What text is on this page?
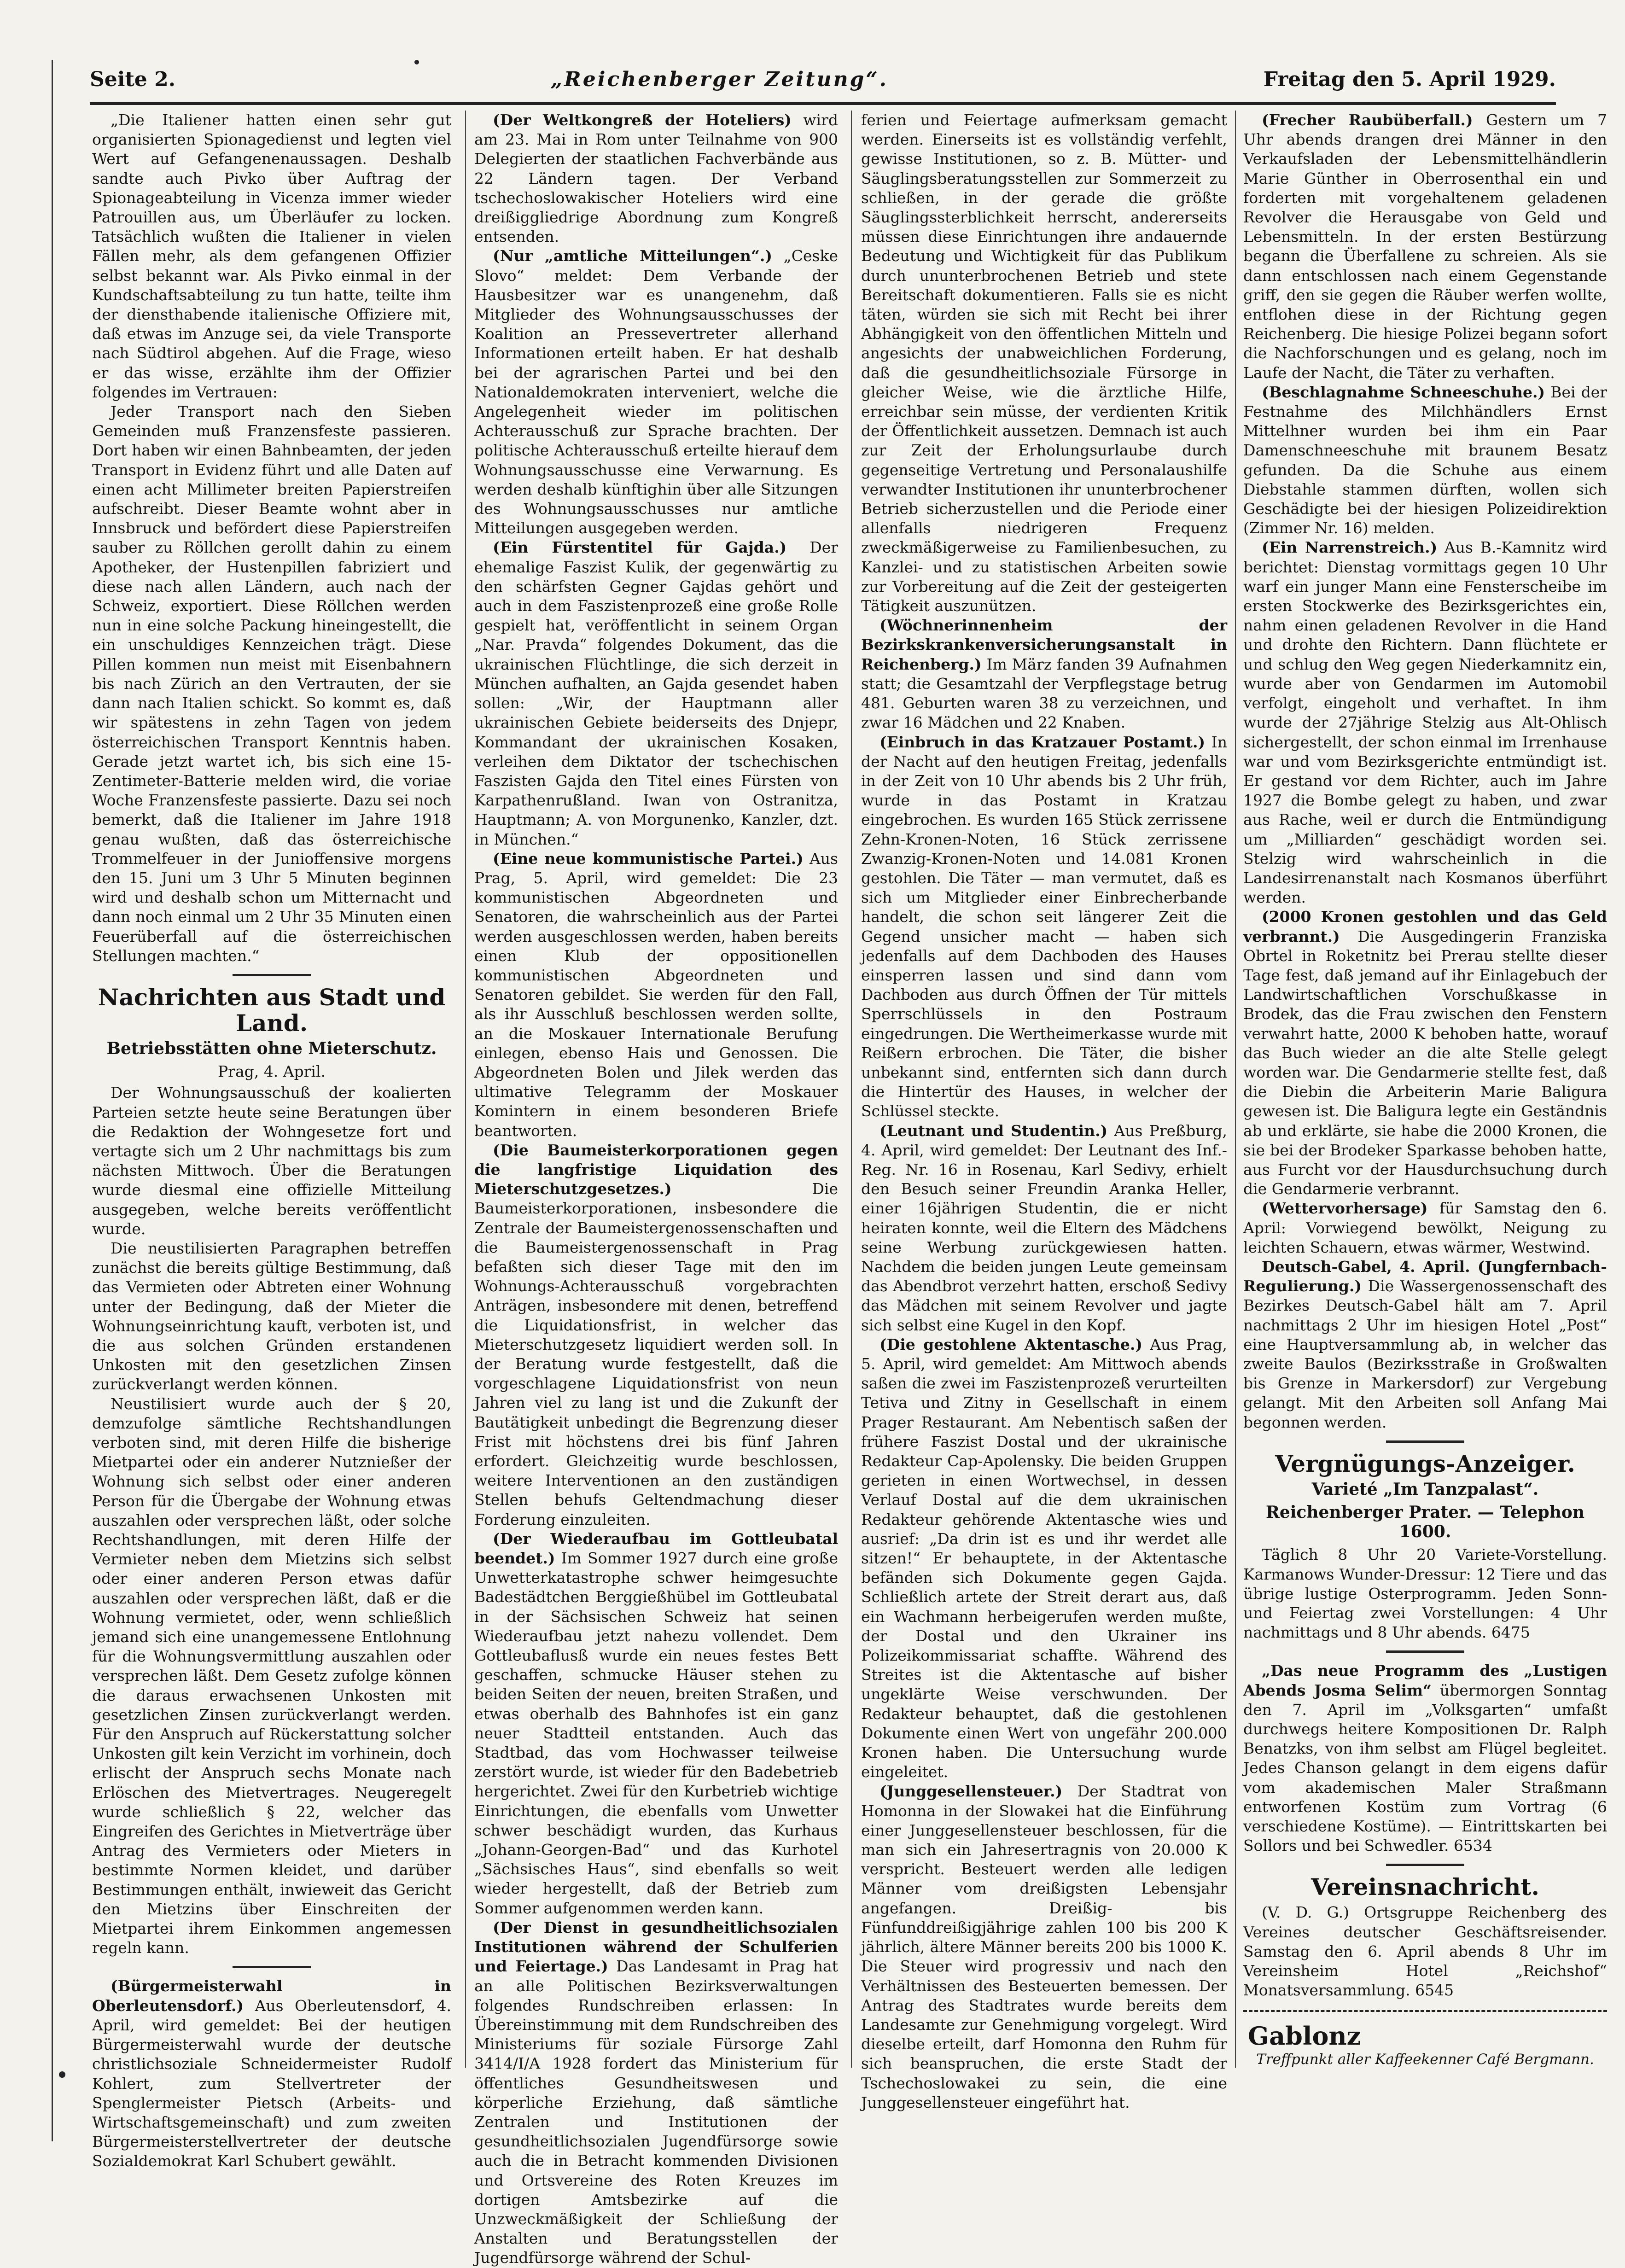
Seite 2.	„Reichenberger Zeitung“.	Freitag den 5. April 1929.

„Die Italiener hatten einen sehr gut organisierten Spionagedienst und legten viel Wert auf Gefangenenaussagen. Deshalb sandte auch Pivko über Auftrag der Spionageabteilung in Vicenza immer wieder Patrouillen aus, um Überläufer zu locken. Tatsächlich wußten die Italiener in vielen Fällen mehr, als dem gefangenen Offizier selbst bekannt war. Als Pivko einmal in der Kundschaftsabteilung zu tun hatte, teilte ihm der diensthabende italienische Offiziere mit, daß etwas im Anzuge sei, da viele Transporte nach Südtirol abgehen. Auf die Frage, wieso er das wisse, erzählte ihm der Offizier folgendes im Vertrauen:

Jeder Transport nach den Sieben Gemeinden muß Franzensfeste passieren. Dort haben wir einen Bahnbeamten, der jeden Transport in Evidenz führt und alle Daten auf einen acht Millimeter breiten Papierstreifen aufschreibt. Dieser Beamte wohnt aber in Innsbruck und befördert diese Papierstreifen sauber zu Röllchen gerollt dahin zu einem Apotheker, der Hustenpillen fabriziert und diese nach allen Ländern, auch nach der Schweiz, exportiert. Diese Röllchen werden nun in eine solche Packung hineingestellt, die ein unschuldiges Kennzeichen trägt. Diese Pillen kommen nun meist mit Eisenbahnern bis nach Zürich an den Vertrauten, der sie dann nach Italien schickt. So kommt es, daß wir spätestens in zehn Tagen von jedem österreichischen Transport Kenntnis haben. Gerade jetzt wartet ich, bis sich eine 15-Zentimeter-Batterie melden wird, die voriae Woche Franzensfeste passierte. Dazu sei noch bemerkt, daß die Italiener im Jahre 1918 genau wußten, daß das österreichische Trommelfeuer in der Junioffensive morgens den 15. Juni um 3 Uhr 5 Minuten beginnen wird und deshalb schon um Mitternacht und dann noch einmal um 2 Uhr 35 Minuten einen Feuerüberfall auf die österreichischen Stellungen machten.“

Nachrichten aus Stadt und Land.
Betriebsstätten ohne Mieterschutz.
Prag, 4. April.

Der Wohnungsausschuß der koalierten Parteien setzte heute seine Beratungen über die Redaktion der Wohngesetze fort und vertagte sich um 2 Uhr nachmittags bis zum nächsten Mittwoch. Über die Beratungen wurde diesmal eine offizielle Mitteilung ausgegeben, welche bereits veröffentlicht wurde.

Die neustilisierten Paragraphen betreffen zunächst die bereits gültige Bestimmung, daß das Vermieten oder Abtreten einer Wohnung unter der Bedingung, daß der Mieter die Wohnungseinrichtung kauft, verboten ist, und die aus solchen Gründen erstandenen Unkosten mit den gesetzlichen Zinsen zurückverlangt werden können.

Neustilisiert wurde auch der § 20, demzufolge sämtliche Rechtshandlungen verboten sind, mit deren Hilfe die bisherige Mietpartei oder ein anderer Nutznießer der Wohnung sich selbst oder einer anderen Person für die Übergabe der Wohnung etwas auszahlen oder versprechen läßt, oder solche Rechtshandlungen, mit deren Hilfe der Vermieter neben dem Mietzins sich selbst oder einer anderen Person etwas dafür auszahlen oder versprechen läßt, daß er die Wohnung vermietet, oder, wenn schließlich jemand sich eine unangemessene Entlohnung für die Wohnungsvermittlung auszahlen oder versprechen läßt. Dem Gesetz zufolge können die daraus erwachsenen Unkosten mit gesetzlichen Zinsen zurückverlangt werden. Für den Anspruch auf Rückerstattung solcher Unkosten gilt kein Verzicht im vorhinein, doch erlischt der Anspruch sechs Monate nach Erlöschen des Mietvertrages. Neugeregelt wurde schließlich § 22, welcher das Eingreifen des Gerichtes in Mietverträge über Antrag des Vermieters oder Mieters in bestimmte Normen kleidet, und darüber Bestimmungen enthält, inwieweit das Gericht den Mietzins über Einschreiten der Mietpartei ihrem Einkommen angemessen regeln kann.

(Bürgermeisterwahl in Oberleutensdorf.) Aus Oberleutensdorf, 4. April, wird gemeldet: Bei der heutigen Bürgermeisterwahl wurde der deutsche christlichsoziale Schneidermeister Rudolf Kohlert, zum Stellvertreter der Spenglermeister Pietsch (Arbeits- und Wirtschaftsgemeinschaft) und zum zweiten Bürgermeisterstellvertreter der deutsche Sozialdemokrat Karl Schubert gewählt.

(Der Weltkongreß der Hoteliers) wird am 23. Mai in Rom unter Teilnahme von 900 Delegierten der staatlichen Fachverbände aus 22 Ländern tagen. Der Verband tschechoslowakischer Hoteliers wird eine dreißiggliedrige Abordnung zum Kongreß entsenden.

(Nur „amtliche Mitteilungen“.) „Ceske Slovo“ meldet: Dem Verbande der Hausbesitzer war es unangenehm, daß Mitglieder des Wohnungsausschusses der Koalition an Pressevertreter allerhand Informationen erteilt haben. Er hat deshalb bei der agrarischen Partei und bei den Nationaldemokraten interveniert, welche die Angelegenheit wieder im politischen Achterausschuß zur Sprache brachten. Der politische Achterausschuß erteilte hierauf dem Wohnungsausschusse eine Verwarnung. Es werden deshalb künftighin über alle Sitzungen des Wohnungsausschusses nur amtliche Mitteilungen ausgegeben werden.

(Ein Fürstentitel für Gajda.) Der ehemalige Faszist Kulik, der gegenwärtig zu den schärfsten Gegner Gajdas gehört und auch in dem Faszistenprozeß eine große Rolle gespielt hat, veröffentlicht in seinem Organ „Nar. Pravda“ folgendes Dokument, das die ukrainischen Flüchtlinge, die sich derzeit in München aufhalten, an Gajda gesendet haben sollen: „Wir, der Hauptmann aller ukrainischen Gebiete beiderseits des Dnjepr, Kommandant der ukrainischen Kosaken, verleihen dem Diktator der tschechischen Faszisten Gajda den Titel eines Fürsten von Karpathenrußland. Iwan von Ostranitza, Hauptmann; A. von Morgunenko, Kanzler, dzt. in München.“

(Eine neue kommunistische Partei.) Aus Prag, 5. April, wird gemeldet: Die 23 kommunistischen Abgeordneten und Senatoren, die wahrscheinlich aus der Partei werden ausgeschlossen werden, haben bereits einen Klub der oppositionellen kommunistischen Abgeordneten und Senatoren gebildet. Sie werden für den Fall, als ihr Ausschluß beschlossen werden sollte, an die Moskauer Internationale Berufung einlegen, ebenso Hais und Genossen. Die Abgeordneten Bolen und Jilek werden das ultimative Telegramm der Moskauer Komintern in einem besonderen Briefe beantworten.

(Die Baumeisterkorporationen gegen die langfristige Liquidation des Mieterschutzgesetzes.)	Die Baumeisterkorporationen, insbesondere die Zentrale der Baumeistergenossenschaften und die Baumeistergenossenschaft in Prag befaßten sich dieser Tage mit den im Wohnungs-Achterausschuß vorgebrachten Anträgen, insbesondere mit denen, betreffend die Liquidationsfrist, in welcher das Mieterschutzgesetz liquidiert werden soll. In der Beratung wurde festgestellt, daß die vorgeschlagene Liquidationsfrist von neun Jahren viel zu lang ist und die Zukunft der Bautätigkeit unbedingt die Begrenzung dieser Frist mit höchstens drei bis fünf Jahren erfordert. Gleichzeitig wurde beschlossen, weitere Interventionen an den zuständigen Stellen behufs Geltendmachung dieser Forderung einzuleiten.

(Der Wiederaufbau im Gottleubatal beendet.) Im Sommer 1927 durch eine große Unwetterkatastrophe schwer heimgesuchte Badestädtchen Berggießhübel im Gottleubatal in der Sächsischen Schweiz hat seinen Wiederaufbau jetzt nahezu vollendet. Dem Gottleubaflusß wurde ein neues festes Bett geschaffen, schmucke Häuser stehen zu beiden Seiten der neuen, breiten Straßen, und etwas oberhalb des Bahnhofes ist ein ganz neuer Stadtteil entstanden. Auch das Stadtbad, das vom Hochwasser teilweise zerstört wurde, ist wieder für den Badebetrieb hergerichtet. Zwei für den Kurbetrieb wichtige Einrichtungen, die ebenfalls vom Unwetter schwer beschädigt wurden, das Kurhaus „Johann-Georgen-Bad“ und das Kurhotel „Sächsisches Haus“, sind ebenfalls so weit wieder hergestellt, daß der Betrieb zum Sommer aufgenommen werden kann.

(Der Dienst in gesundheitlichsozialen Institutionen während der Schulferien und Feiertage.) Das Landesamt in Prag hat an alle Politischen Bezirksverwaltungen folgendes Rundschreiben erlassen: In Übereinstimmung mit dem Rundschreiben des Ministeriums für soziale Fürsorge Zahl 3414/I/A 1928 fordert das Ministerium für öffentliches Gesundheitswesen und körperliche Erziehung, daß sämtliche Zentralen und Institutionen der gesundheitlichsozialen Jugendfürsorge sowie auch die in Betracht kommenden Divisionen und Ortsvereine des Roten Kreuzes im dortigen Amtsbezirke auf die Unzweckmäßigkeit der Schließung der Anstalten und Beratungsstellen der Jugendfürsorge während der Schul-

ferien und Feiertage aufmerksam gemacht werden. Einerseits ist es vollständig verfehlt, gewisse Institutionen, so z. B. Mütter- und Säuglingsberatungsstellen zur Sommerzeit zu schließen, in der gerade die größte Säuglingssterblichkeit herrscht, andererseits müssen diese Einrichtungen ihre andauernde Bedeutung und Wichtigkeit für das Publikum durch ununterbrochenen Betrieb und stete Bereitschaft dokumentieren. Falls sie es nicht täten, würden sie sich mit Recht bei ihrer Abhängigkeit von den öffentlichen Mitteln und angesichts der unabweichlichen Forderung, daß die gesundheitlichsoziale Fürsorge in gleicher Weise, wie die ärztliche Hilfe, erreichbar sein müsse, der verdienten Kritik der Öffentlichkeit aussetzen. Demnach ist auch zur Zeit der Erholungsurlaube durch gegenseitige Vertretung und Personalaushilfe verwandter Institutionen ihr ununterbrochener Betrieb sicherzustellen und die Periode einer allenfalls niedrigeren Frequenz zweckmäßigerweise zu Familienbesuchen, zu Kanzlei- und zu statistischen Arbeiten sowie zur Vorbereitung auf die Zeit der gesteigerten Tätigkeit auszunützen.

(Wöchnerinnenheim der Bezirkskrankenversicherungsanstalt in Reichenberg.) Im März fanden 39 Aufnahmen statt; die Gesamtzahl der Verpflegstage betrug 481. Geburten waren 38 zu verzeichnen, und zwar 16 Mädchen und 22 Knaben.

(Einbruch in das Kratzauer Postamt.) In der Nacht auf den heutigen Freitag, jedenfalls in der Zeit von 10 Uhr abends bis 2 Uhr früh, wurde in das Postamt in Kratzau eingebrochen. Es wurden 165 Stück zerrissene Zehn-Kronen-Noten, 16 Stück zerrissene Zwanzig-Kronen-Noten und 14.081 Kronen gestohlen. Die Täter — man vermutet, daß es sich um Mitglieder einer Einbrecherbande handelt, die schon seit längerer Zeit die Gegend unsicher macht — haben sich jedenfalls auf dem Dachboden des Hauses einsperren lassen und sind dann vom Dachboden aus durch Öffnen der Tür mittels Sperrschlüssels in den Postraum eingedrungen. Die Wertheimerkasse wurde mit Reißern erbrochen. Die Täter, die bisher unbekannt sind, entfernten sich dann durch die Hintertür des Hauses, in welcher der Schlüssel steckte.

(Leutnant und Studentin.) Aus Preßburg, 4. April, wird gemeldet: Der Leutnant des Inf.-Reg. Nr. 16 in Rosenau, Karl Sedivy, erhielt den Besuch seiner Freundin Aranka Heller, einer 16jährigen Studentin, die er nicht heiraten konnte, weil die Eltern des Mädchens seine Werbung zurückgewiesen hatten. Nachdem die beiden jungen Leute gemeinsam das Abendbrot verzehrt hatten, erschoß Sedivy das Mädchen mit seinem Revolver und jagte sich selbst eine Kugel in den Kopf.

(Die gestohlene Aktentasche.) Aus Prag, 5. April, wird gemeldet: Am Mittwoch abends saßen die zwei im Faszistenprozeß verurteilten Tetiva und Zitny in Gesellschaft in einem Prager Restaurant. Am Nebentisch saßen der frühere Faszist Dostal und der ukrainische Redakteur Cap-Apolensky. Die beiden Gruppen gerieten in einen Wortwechsel, in dessen Verlauf Dostal auf die dem ukrainischen Redakteur gehörende Aktentasche wies und ausrief: „Da drin ist es und ihr werdet alle sitzen!“ Er behauptete, in der Aktentasche befänden sich Dokumente gegen Gajda. Schließlich artete der Streit derart aus, daß ein Wachmann herbeigerufen werden mußte, der Dostal und den Ukrainer ins Polizeikommissariat schaffte. Während des Streites ist die Aktentasche auf bisher ungeklärte Weise verschwunden. Der Redakteur behauptet, daß die gestohlenen Dokumente einen Wert von ungefähr 200.000 Kronen haben. Die Untersuchung wurde eingeleitet.

(Junggesellensteuer.) Der Stadtrat von Homonna in der Slowakei hat die Einführung einer Junggesellensteuer beschlossen, für die man sich ein Jahresertragnis von 20.000 K verspricht. Besteuert werden alle ledigen Männer vom dreißigsten Lebensjahr angefangen. Dreißig- bis Fünfunddreißigjährige zahlen 100 bis 200 K jährlich, ältere Männer bereits 200 bis 1000 K. Die Steuer wird progressiv und nach den Verhältnissen des Besteuerten bemessen. Der Antrag des Stadtrates wurde bereits dem Landesamte zur Genehmigung vorgelegt. Wird dieselbe erteilt, darf Homonna den Ruhm für sich beanspruchen, die erste Stadt der Tschechoslowakei zu sein, die eine Junggesellensteuer eingeführt hat.

(Frecher Raubüberfall.) Gestern um 7 Uhr abends drangen drei Männer in den Verkaufsladen der Lebensmittelhändlerin Marie Günther in Oberrosenthal ein und forderten mit vorgehaltenem geladenen Revolver die Herausgabe von Geld und Lebensmitteln. In der ersten Bestürzung begann die Überfallene zu schreien. Als sie dann entschlossen nach einem Gegenstande griff, den sie gegen die Räuber werfen wollte, entflohen diese in der Richtung gegen Reichenberg. Die hiesige Polizei begann sofort die Nachforschungen und es gelang, noch im Laufe der Nacht, die Täter zu verhaften.

(Beschlagnahme Schneeschuhe.) Bei der Festnahme des Milchhändlers Ernst Mittelhner wurden bei ihm ein Paar Damenschneeschuhe mit braunem Besatz gefunden. Da die Schuhe aus einem Diebstahle stammen dürften, wollen sich Geschädigte bei der hiesigen Polizeidirektion (Zimmer Nr. 16) melden.

(Ein Narrenstreich.) Aus B.-Kamnitz wird berichtet: Dienstag vormittags gegen 10 Uhr warf ein junger Mann eine Fensterscheibe im ersten Stockwerke des Bezirksgerichtes ein, nahm einen geladenen Revolver in die Hand und drohte den Richtern. Dann flüchtete er und schlug den Weg gegen Niederkamnitz ein, wurde aber von Gendarmen im Automobil verfolgt, eingeholt und verhaftet. In ihm wurde der 27jährige Stelzig aus Alt-Ohlisch sichergestellt, der schon einmal im Irrenhause war und vom Bezirksgerichte entmündigt ist. Er gestand vor dem Richter, auch im Jahre 1927 die Bombe gelegt zu haben, und zwar aus Rache, weil er durch die Entmündigung um „Milliarden“ geschädigt worden sei. Stelzig wird wahrscheinlich in die Landesirrenanstalt nach Kosmanos überführt werden.

(2000 Kronen gestohlen und das Geld verbrannt.) Die Ausgedingerin Franziska Obrtel in Roketnitz bei Prerau stellte dieser Tage fest, daß jemand auf ihr Einlagebuch der Landwirtschaftlichen Vorschußkasse in Brodek, das die Frau zwischen den Fenstern verwahrt hatte, 2000 K behoben hatte, worauf das Buch wieder an die alte Stelle gelegt worden war. Die Gendarmerie stellte fest, daß die Diebin die Arbeiterin Marie Baligura gewesen ist. Die Baligura legte ein Geständnis ab und erklärte, sie habe die 2000 Kronen, die sie bei der Brodeker Sparkasse behoben hatte, aus Furcht vor der Hausdurchsuchung durch die Gendarmerie verbrannt.

(Wettervorhersage) für Samstag den 6. April: Vorwiegend bewölkt, Neigung zu leichten Schauern, etwas wärmer, Westwind.

Deutsch-Gabel, 4. April. (Jungfernbach-Regulierung.) Die Wassergenossenschaft des Bezirkes Deutsch-Gabel hält am 7. April nachmittags 2 Uhr im hiesigen Hotel „Post“ eine Hauptversammlung ab, in welcher das zweite Baulos (Bezirksstraße in Großwalten bis Grenze in Markersdorf) zur Vergebung gelangt. Mit den Arbeiten soll Anfang Mai begonnen werden.

Vergnügungs-Anzeiger.
Varieté „Im Tanzpalast“.
Reichenberger Prater. — Telephon 1600.

Täglich 8 Uhr 20 Variete-Vorstellung. Karmanows Wunder-Dressur: 12 Tiere und das übrige lustige Osterprogramm. Jeden Sonn- und Feiertag zwei Vorstellungen: 4 Uhr nachmittags und 8 Uhr abends. 6475

„Das neue Programm des „Lustigen Abends Josma Selim“ übermorgen Sonntag den 7. April im „Volksgarten“ umfaßt durchwegs heitere Kompositionen Dr. Ralph Benatzks, von ihm selbst am Flügel begleitet. Jedes Chanson gelangt in dem eigens dafür vom akademischen Maler Straßmann entworfenen Kostüm zum Vortrag (6 verschiedene Kostüme). — Eintrittskarten bei Sollors und bei Schwedler. 6534

Vereinsnachricht.

(V. D. G.) Ortsgruppe Reichenberg des Vereines deutscher Geschäftsreisender. Samstag den 6. April abends 8 Uhr im Vereinsheim Hotel „Reichshof“ Monatsversammlung. 6545

Gablonz
Treffpunkt aller Kaffeekenner Café Bergmann.
